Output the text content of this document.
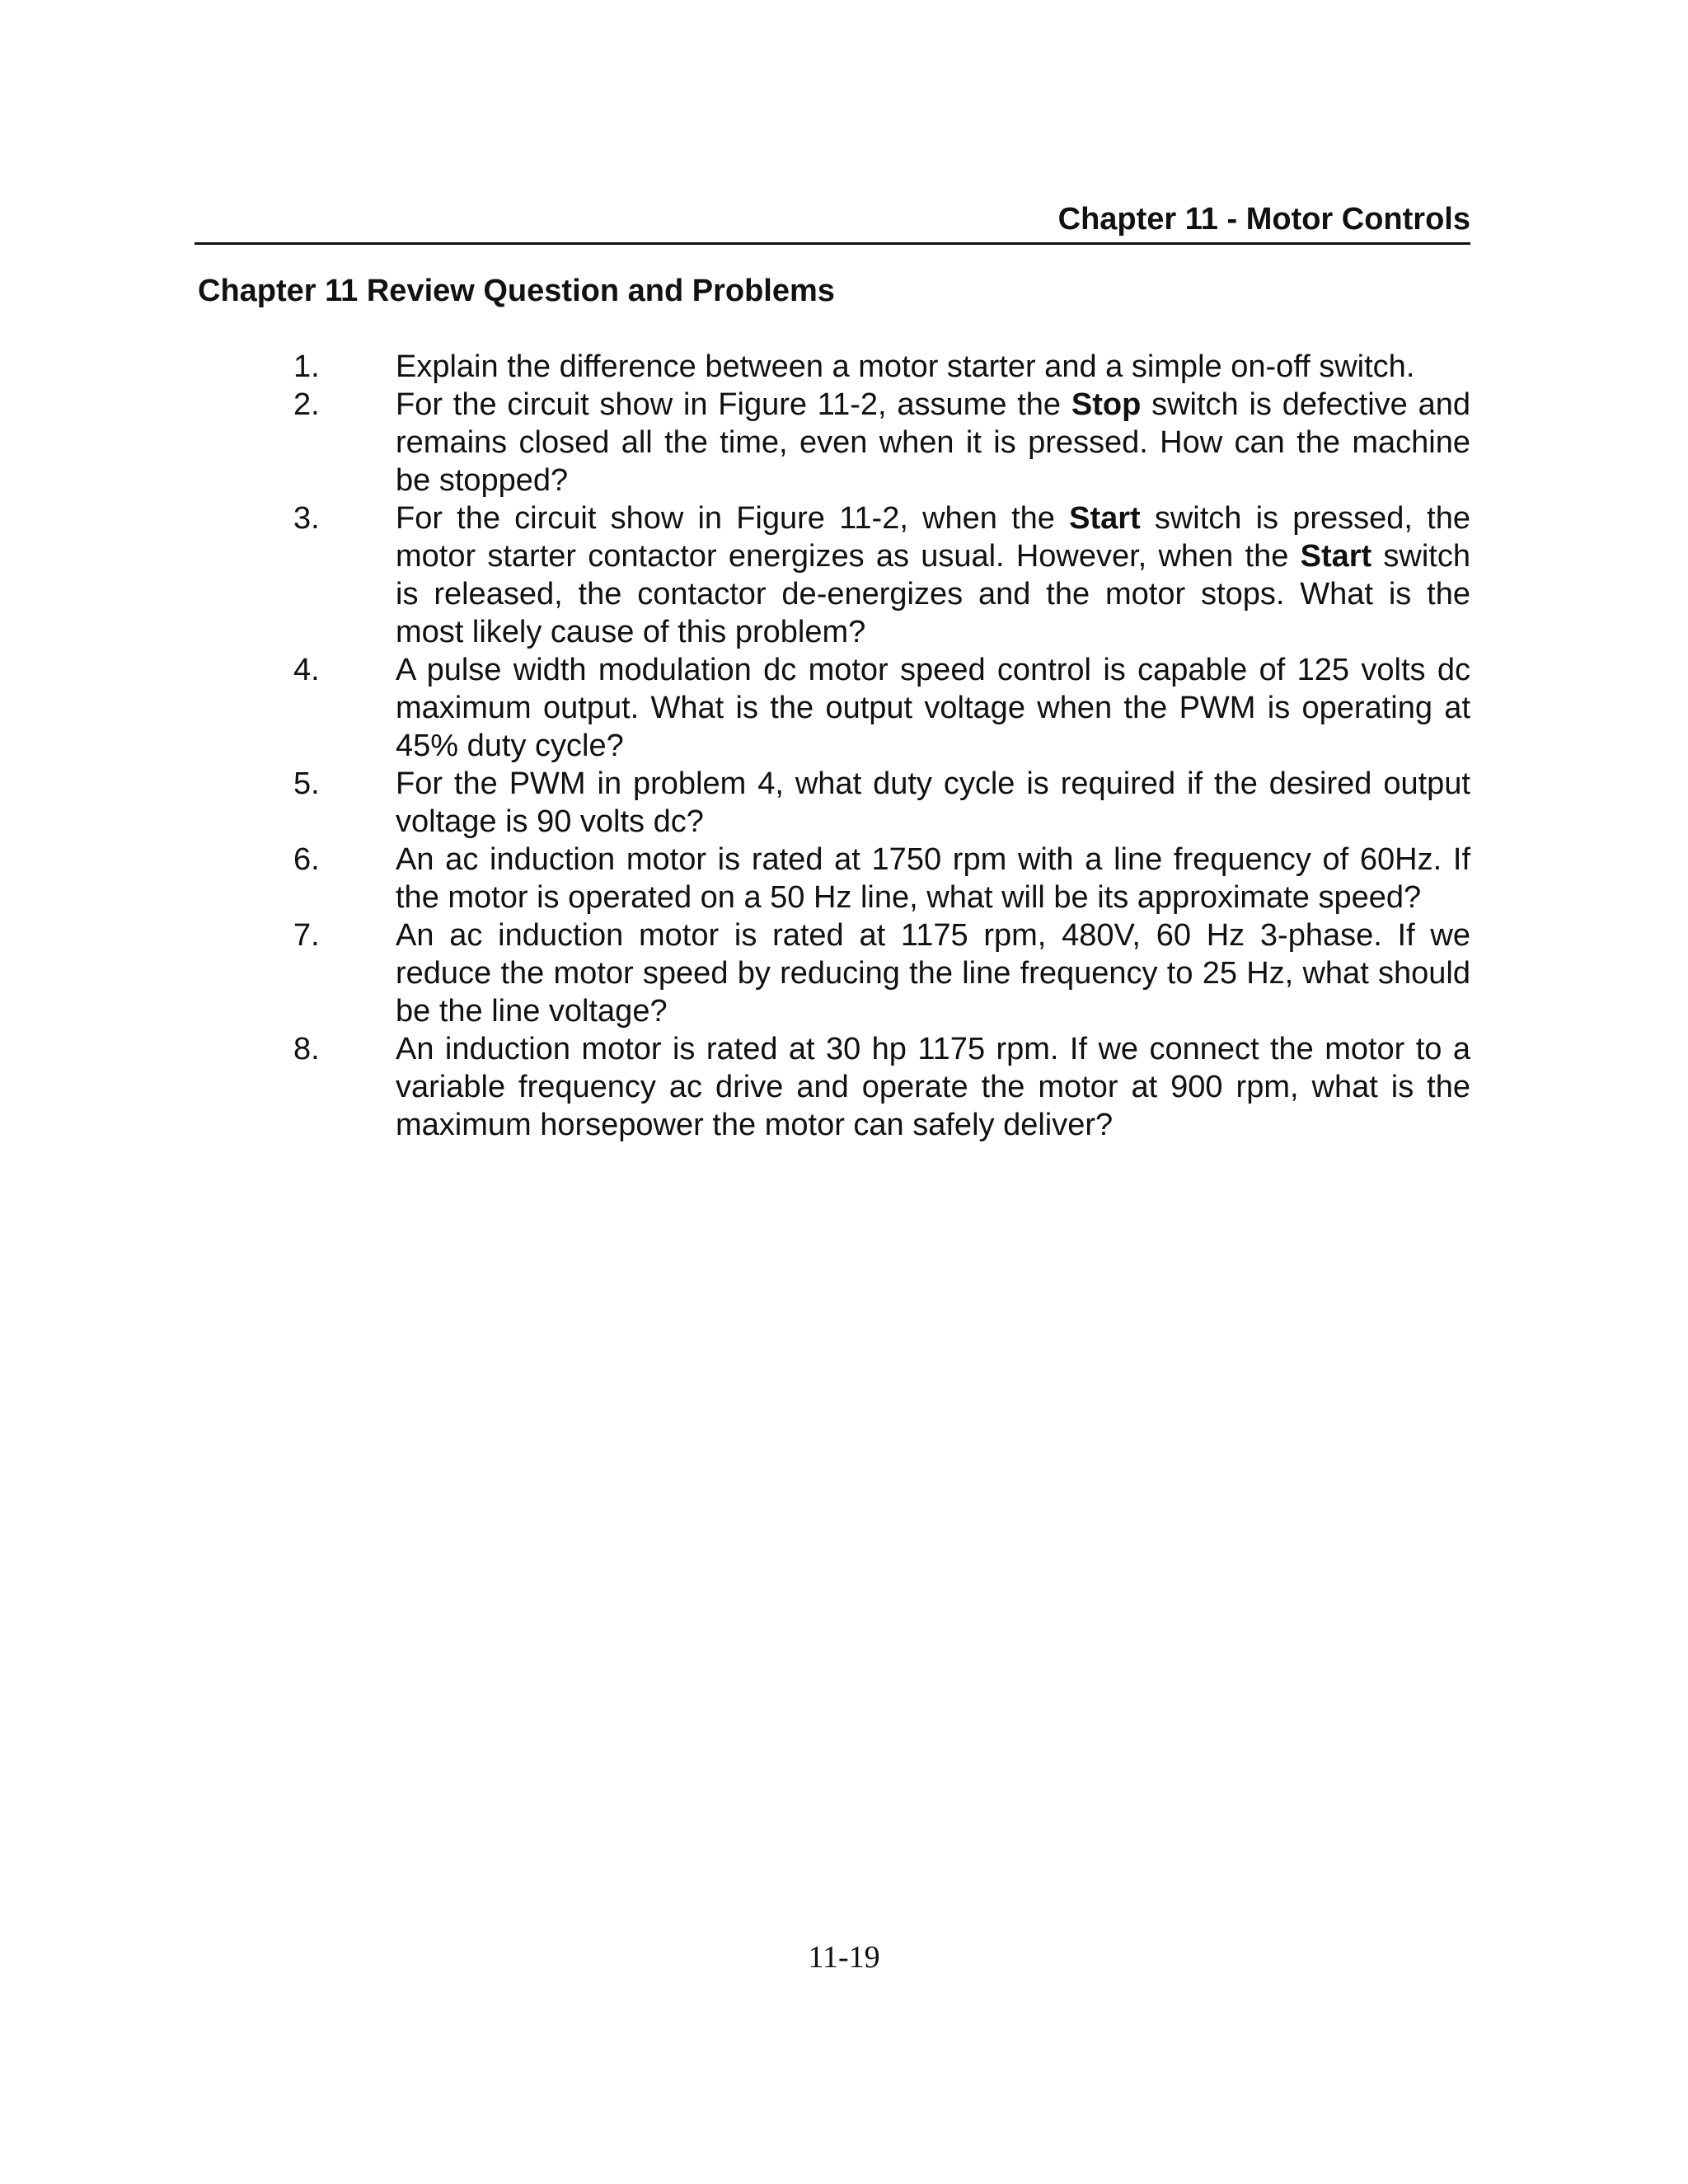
Chapter 11 - Motor Controls
Chapter 11 Review Question and Problems
1. Explain the difference between a motor starter and a simple on-off switch.
2. For the circuit show in Figure 11-2, assume the Stop switch is defective and remains closed all the time, even when it is pressed. How can the machine be stopped?
3. For the circuit show in Figure 11-2, when the Start switch is pressed, the motor starter contactor energizes as usual. However, when the Start switch is released, the contactor de-energizes and the motor stops. What is the most likely cause of this problem?
4. A pulse width modulation dc motor speed control is capable of 125 volts dc maximum output. What is the output voltage when the PWM is operating at 45% duty cycle?
5. For the PWM in problem 4, what duty cycle is required if the desired output voltage is 90 volts dc?
6. An ac induction motor is rated at 1750 rpm with a line frequency of 60Hz. If the motor is operated on a 50 Hz line, what will be its approximate speed?
7. An ac induction motor is rated at 1175 rpm, 480V, 60 Hz 3-phase. If we reduce the motor speed by reducing the line frequency to 25 Hz, what should be the line voltage?
8. An induction motor is rated at 30 hp 1175 rpm. If we connect the motor to a variable frequency ac drive and operate the motor at 900 rpm, what is the maximum horsepower the motor can safely deliver?
11-19
